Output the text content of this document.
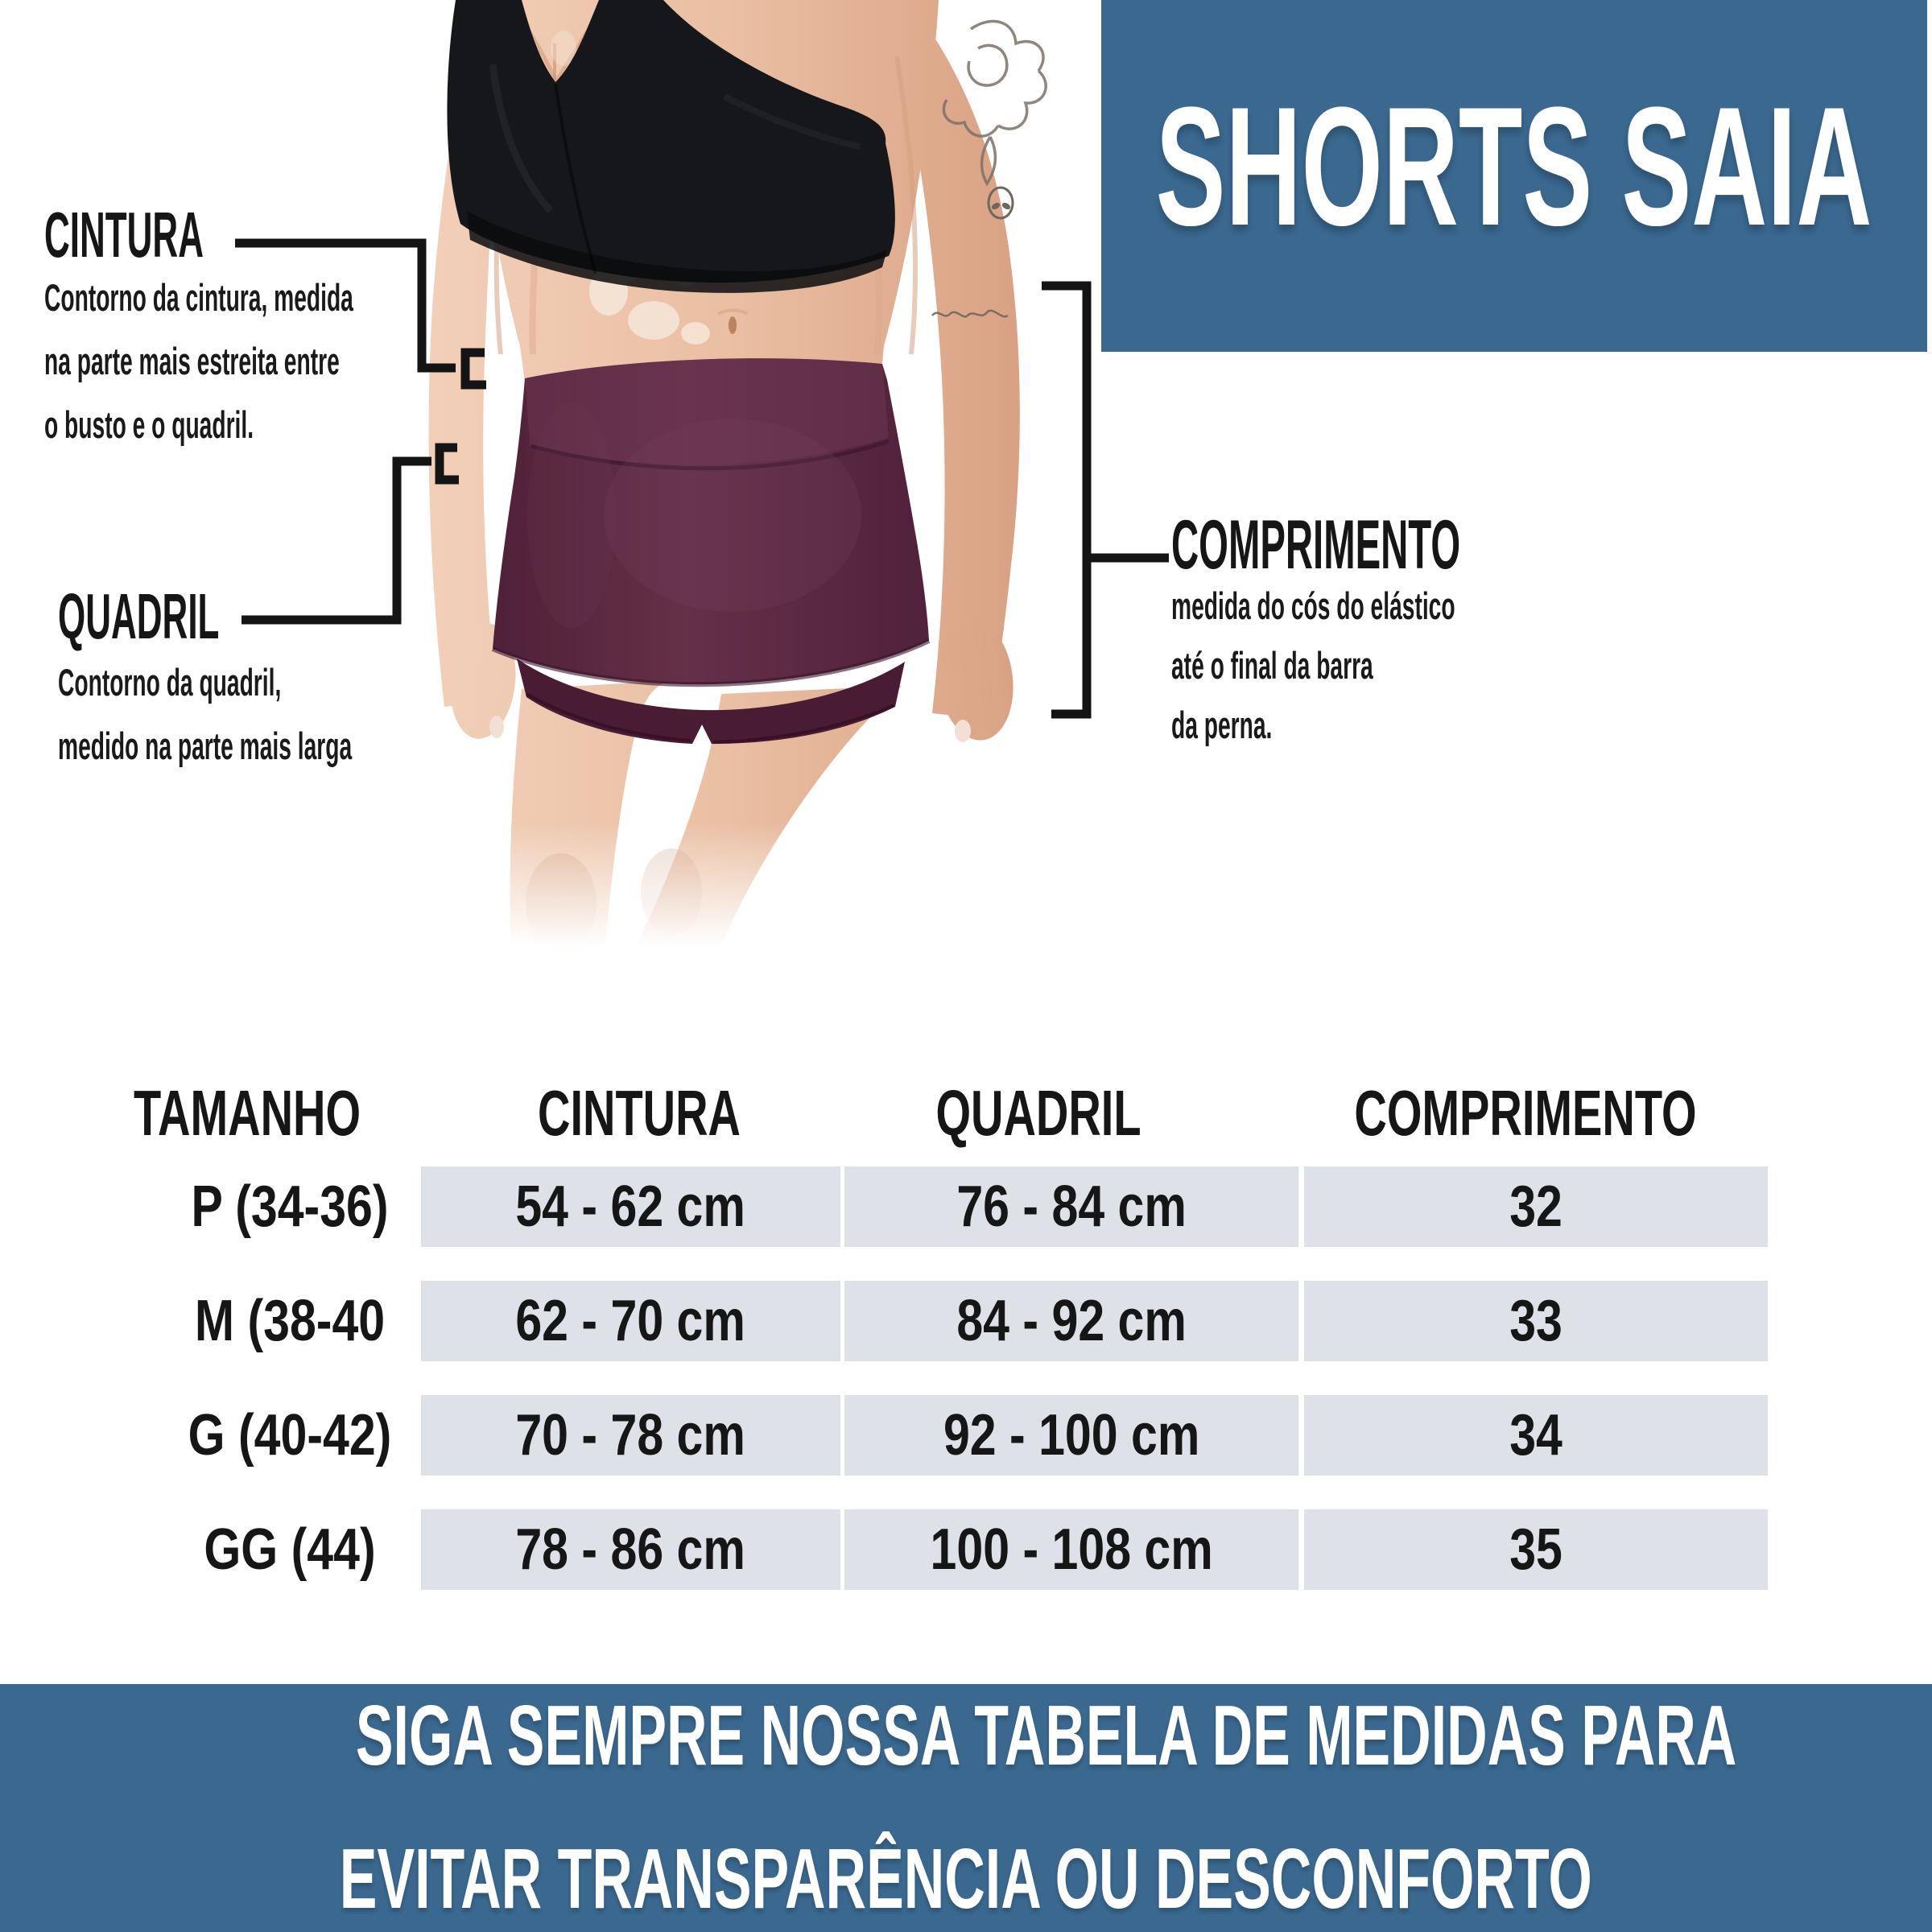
SHORTS SAIA
CINTURA
Contorno da cintura, medida
na parte mais estreita entre
o busto e o quadril.
QUADRIL
Contorno da quadril,
medido na parte mais larga
COMPRIMENTO
medida do cós do elástico
até o final da barra
da perna.
TAMANHO	CINTURA	QUADRIL	COMPRIMENTO
P (34-36)	54 - 62 cm	76 - 84 cm	32
M (38-40	62 - 70 cm	84 - 92 cm	33
G (40-42)	70 - 78 cm	92 - 100 cm	34
GG (44)	78 - 86 cm	100 - 108 cm	35
SIGA SEMPRE NOSSA TABELA DE MEDIDAS PARA
EVITAR TRANSPARÊNCIA OU DESCONFORTO
